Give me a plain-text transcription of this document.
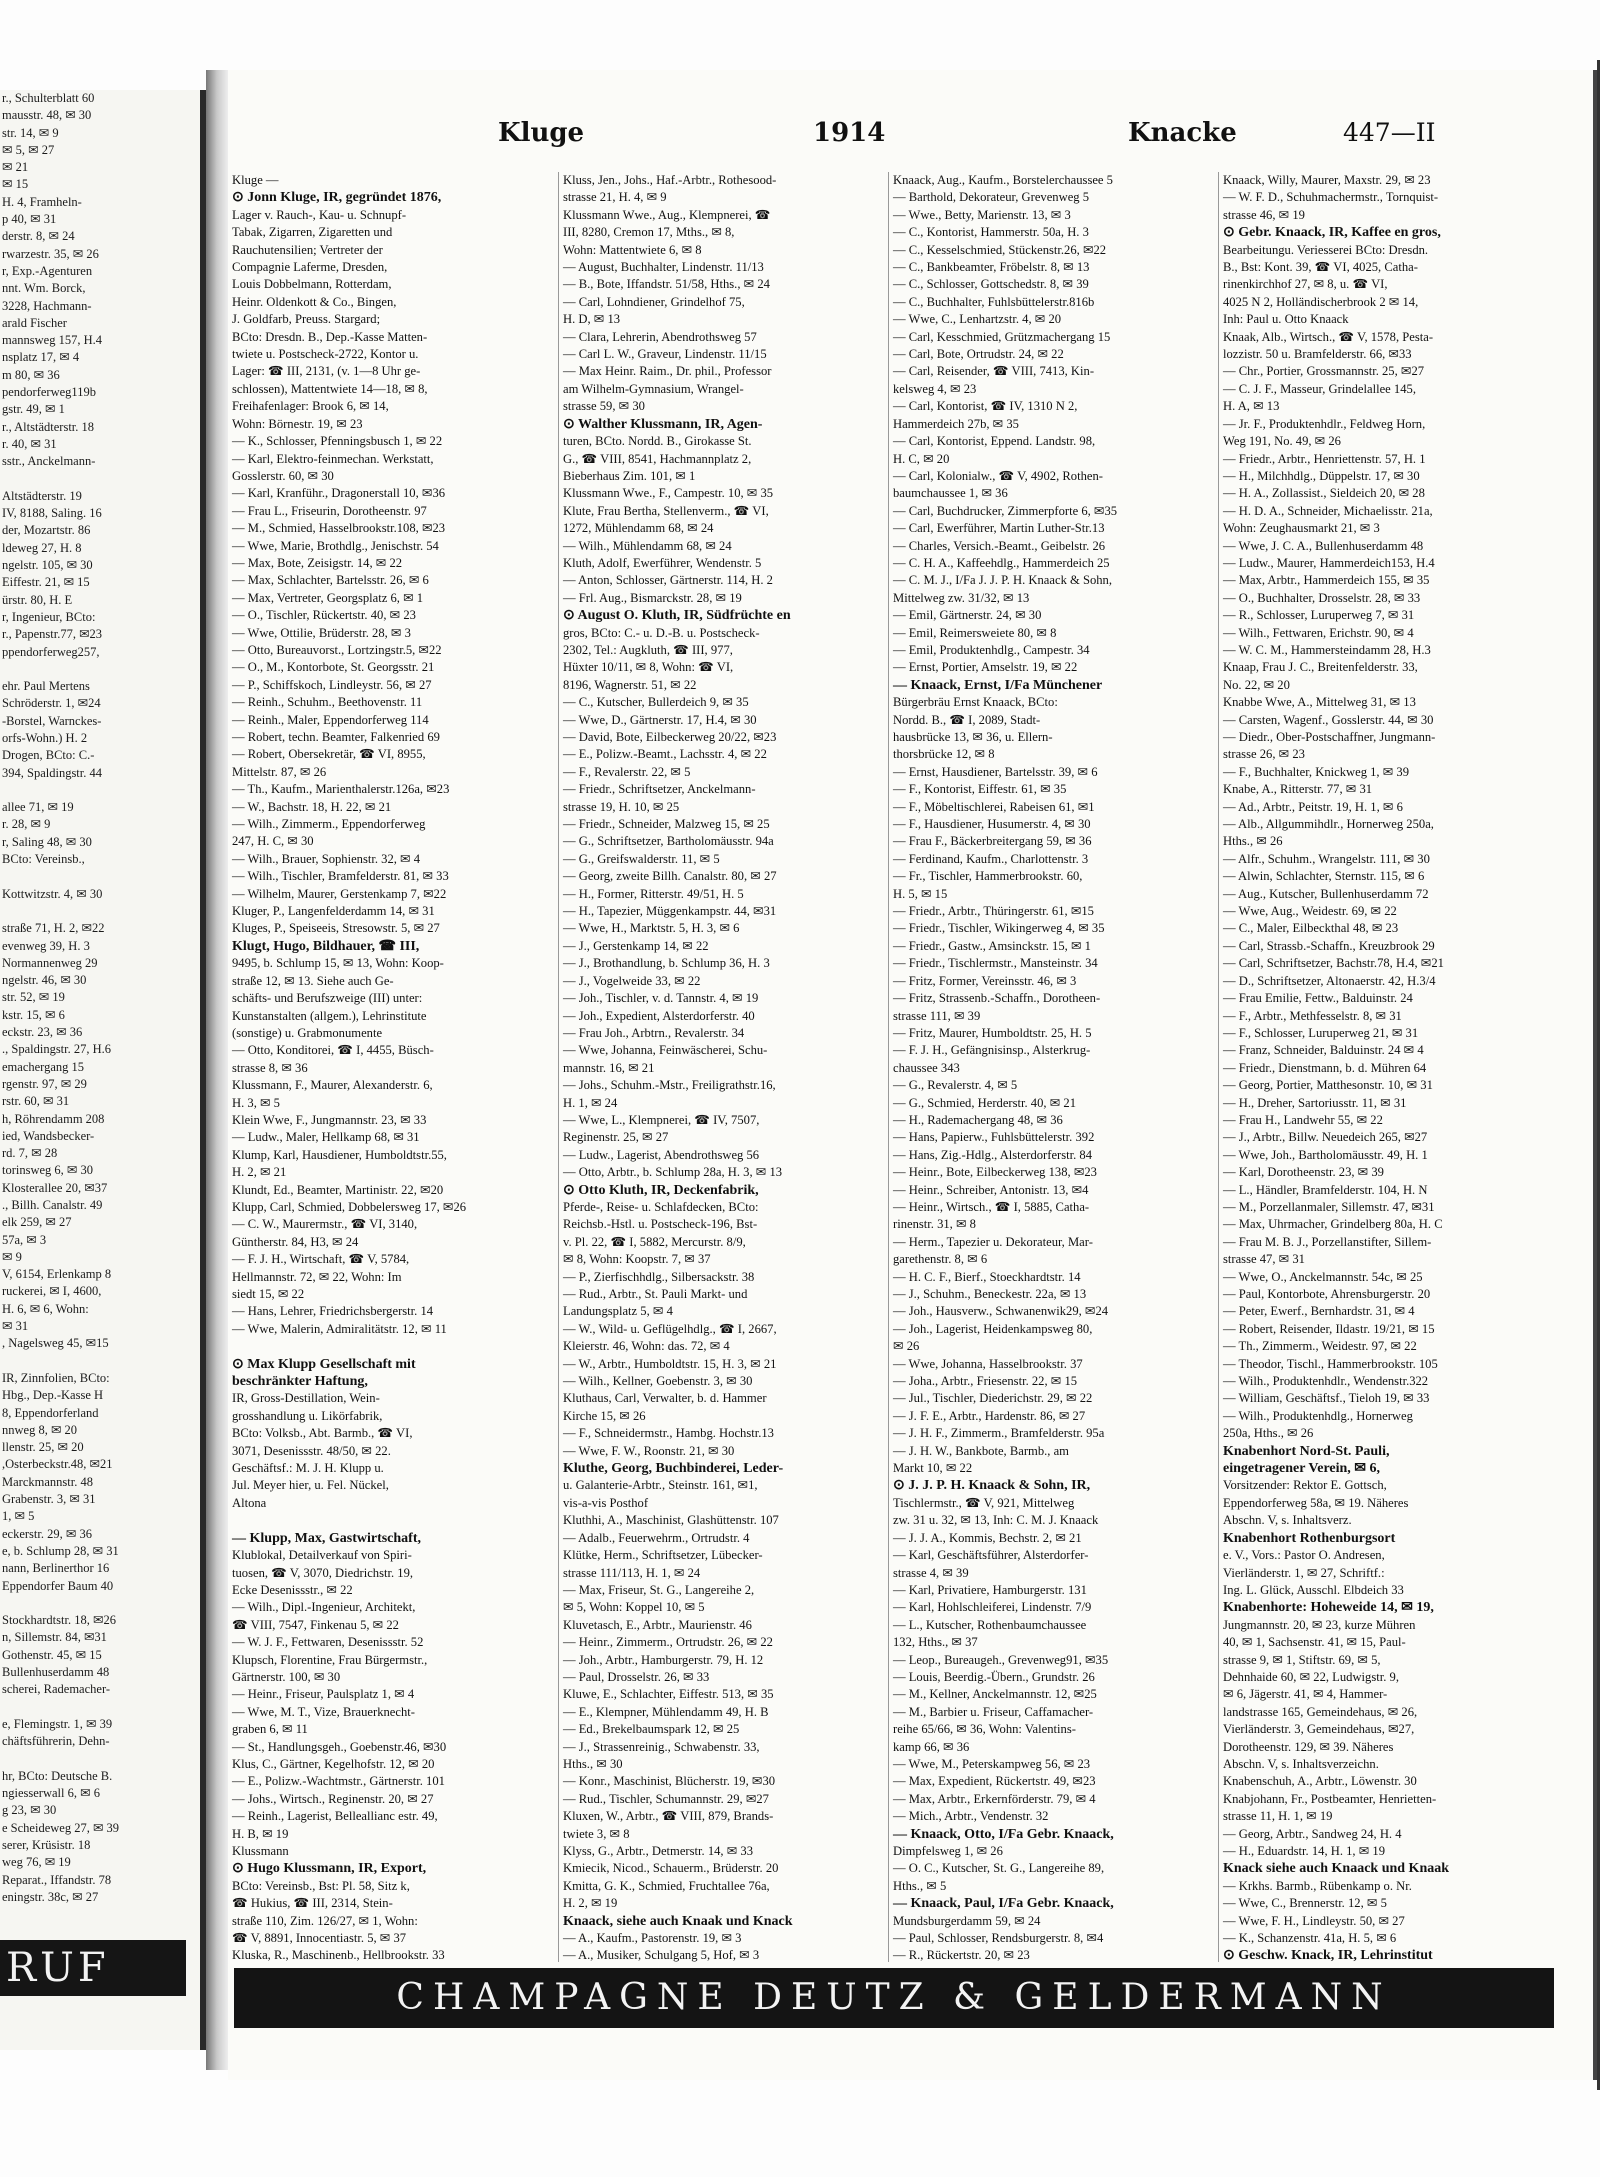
r., Schulterblatt 60
mausstr. 48, ✉ 30
str. 14, ✉ 9
✉ 5, ✉ 27
✉ 21
✉ 15
H. 4, Framheln-
p 40, ✉ 31
derstr. 8, ✉ 24
rwarzestr. 35, ✉ 26
r, Exp.-Agenturen
nnt. Wm. Borck,
3228, Hachmann-
arald Fischer
mannsweg 157, H.4
nsplatz 17, ✉ 4
m 80, ✉ 36
pendorferweg119b
gstr. 49, ✉ 1
r., Altstädterstr. 18
r. 40, ✉ 31
sstr., Anckelmann-

Altstädterstr. 19
IV, 8188, Saling. 16
der, Mozartstr. 86
ldeweg 27, H. 8
ngelstr. 105, ✉ 30
Eiffestr. 21, ✉ 15
ürstr. 80, H. E
r, Ingenieur, BCto:
r., Papenstr.77, ✉23
ppendorferweg257,

ehr. Paul Mertens
Schröderstr. 1, ✉24
-Borstel, Warnckes-
orfs-Wohn.) H. 2
Drogen, BCto: C.-
394, Spaldingstr. 44

allee 71, ✉ 19
r. 28, ✉ 9
r, Saling 48, ✉ 30
BCto: Vereinsb.,

Kottwitzstr. 4, ✉ 30

straße 71, H. 2, ✉22
evenweg 39, H. 3
Normannenweg 29
ngelstr. 46, ✉ 30
str. 52, ✉ 19
kstr. 15, ✉ 6
eckstr. 23, ✉ 36
., Spaldingstr. 27, H.6
emachergang 15
rgenstr. 97, ✉ 29
rstr. 60, ✉ 31
h, Röhrendamm 208
ied, Wandsbecker-
rd. 7, ✉ 28
torinsweg 6, ✉ 30
Klosterallee 20, ✉37
., Billh. Canalstr. 49
elk 259, ✉ 27
57a, ✉ 3
✉ 9
V, 6154, Erlenkamp 8
ruckerei, ✉ I, 4600,
H. 6, ✉ 6, Wohn:
✉ 31
, Nagelsweg 45, ✉15

IR, Zinnfolien, BCto:
Hbg., Dep.-Kasse H
8, Eppendorferland
nnweg 8, ✉ 20
llenstr. 25, ✉ 20
,Osterbeckstr.48, ✉21
Marckmannstr. 48
Grabenstr. 3, ✉ 31
1, ✉ 5
eckerstr. 29, ✉ 36
e, b. Schlump 28, ✉ 31
nann, Berlinerthor 16
Eppendorfer Baum 40

Stockhardtstr. 18, ✉26
n, Sillemstr. 84, ✉31
Gothenstr. 45, ✉ 15
Bullenhuserdamm 48
scherei, Rademacher-

e, Flemingstr. 1, ✉ 39
chäftsführerin, Dehn-

hr, BCto: Deutsche B.
ngiesserwall 6, ✉ 6
g 23, ✉ 30
e Scheideweg 27, ✉ 39
serer, Krüsistr. 18
weg 76, ✉ 19
Reparat., Iffandstr. 78
eningstr. 38c, ✉ 27
RUF
Kluge	1914	Knacke	447—II
Kluge —
⊙ Jonn Kluge, IR, gegründet 1876,
Lager v. Rauch-, Kau- u. Schnupf-
Tabak, Zigarren, Zigaretten und
Rauchutensilien; Vertreter der
Compagnie Laferme, Dresden,
Louis Dobbelmann, Rotterdam,
Heinr. Oldenkott & Co., Bingen,
J. Goldfarb, Preuss. Stargard;
BCto: Dresdn. B., Dep.-Kasse Matten-
twiete u. Postscheck-2722, Kontor u.
Lager: ☎ III, 2131, (v. 1—8 Uhr ge-
schlossen), Mattentwiete 14—18, ✉ 8,
Freihafenlager: Brook 6, ✉ 14,
Wohn: Börnestr. 19, ✉ 23
— K., Schlosser, Pfenningsbusch 1, ✉ 22
— Karl, Elektro-feinmechan. Werkstatt,
Gosslerstr. 60, ✉ 30
— Karl, Kranführ., Dragonerstall 10, ✉36
— Frau L., Friseurin, Dorotheenstr. 97
— M., Schmied, Hasselbrookstr.108, ✉23
— Wwe, Marie, Brothdlg., Jenischstr. 54
— Max, Bote, Zeisigstr. 14, ✉ 22
— Max, Schlachter, Bartelsstr. 26, ✉ 6
— Max, Vertreter, Georgsplatz 6, ✉ 1
— O., Tischler, Rückertstr. 40, ✉ 23
— Wwe, Ottilie, Brüderstr. 28, ✉ 3
— Otto, Bureauvorst., Lortzingstr.5, ✉22
— O., M., Kontorbote, St. Georgsstr. 21
— P., Schiffskoch, Lindleystr. 56, ✉ 27
— Reinh., Schuhm., Beethovenstr. 11
— Reinh., Maler, Eppendorferweg 114
— Robert, techn. Beamter, Falkenried 69
— Robert, Obersekretär, ☎ VI, 8955,
Mittelstr. 87, ✉ 26
— Th., Kaufm., Marienthalerstr.126a, ✉23
— W., Bachstr. 18, H. 22, ✉ 21
— Wilh., Zimmerm., Eppendorferweg
247, H. C, ✉ 30
— Wilh., Brauer, Sophienstr. 32, ✉ 4
— Wilh., Tischler, Bramfelderstr. 81, ✉ 33
— Wilhelm, Maurer, Gerstenkamp 7, ✉22
Kluger, P., Langenfelderdamm 14, ✉ 31
Kluges, P., Speiseeis, Stresowstr. 5, ✉ 27
Klugt, Hugo, Bildhauer, ☎ III,
9495, b. Schlump 15, ✉ 13, Wohn: Koop-
straße 12, ✉ 13. Siehe auch Ge-
schäfts- und Berufszweige (III) unter:
Kunstanstalten (allgem.), Lehrinstitute
(sonstige) u. Grabmonumente
— Otto, Konditorei, ☎ I, 4455, Büsch-
strasse 8, ✉ 36
Klussmann, F., Maurer, Alexanderstr. 6,
H. 3, ✉ 5
Klein Wwe, F., Jungmannstr. 23, ✉ 33
— Ludw., Maler, Hellkamp 68, ✉ 31
Klump, Karl, Hausdiener, Humboldtstr.55,
H. 2, ✉ 21
Klundt, Ed., Beamter, Martinistr. 22, ✉20
Klupp, Carl, Schmied, Dobbelersweg 17, ✉26
— C. W., Maurermstr., ☎ VI, 3140,
Güntherstr. 84, H3, ✉ 24
— F. J. H., Wirtschaft, ☎ V, 5784,
Hellmannstr. 72, ✉ 22, Wohn: Im
siedt 15, ✉ 22
— Hans, Lehrer, Friedrichsbergerstr. 14
— Wwe, Malerin, Admiralitätstr. 12, ✉ 11

⊙ Max Klupp Gesellschaft mit
beschränkter Haftung,
IR, Gross-Destillation, Wein-
grosshandlung u. Likörfabrik,
BCto: Volksb., Abt. Barmb., ☎ VI,
3071, Desenissstr. 48/50, ✉ 22.
Geschäftsf.: M. J. H. Klupp u.
Jul. Meyer hier, u. Fel. Nückel,
Altona

— Klupp, Max, Gastwirtschaft,
Klublokal, Detailverkauf von Spiri-
tuosen, ☎ V, 3070, Diedrichstr. 19,
Ecke Desenissstr., ✉ 22
— Wilh., Dipl.-Ingenieur, Architekt,
☎ VIII, 7547, Finkenau 5, ✉ 22
— W. J. F., Fettwaren, Desenissstr. 52
Klupsch, Florentine, Frau Bürgermstr.,
Gärtnerstr. 100, ✉ 30
— Heinr., Friseur, Paulsplatz 1, ✉ 4
— Wwe, M. T., Vize, Brauerknecht-
graben 6, ✉ 11
— St., Handlungsgeh., Goebenstr.46, ✉30
Klus, C., Gärtner, Kegelhofstr. 12, ✉ 20
— E., Polizw.-Wachtmstr., Gärtnerstr. 101
— Johs., Wirtsch., Reginenstr. 20, ✉ 27
— Reinh., Lagerist, Belleallianc estr. 49,
H. B, ✉ 19
Klussmann
⊙ Hugo Klussmann, IR, Export,
BCto: Vereinsb., Bst: Pl. 58, Sitz k,
☎ Hukius, ☎ III, 2314, Stein-
straße 110, Zim. 126/27, ✉ 1, Wohn:
☎ V, 8891, Innocentiastr. 5, ✉ 37
Kluska, R., Maschinenb., Hellbrookstr. 33
Kluss, Jen., Johs., Haf.-Arbtr., Rothesood-
strasse 21, H. 4, ✉ 9
Klussmann Wwe., Aug., Klempnerei, ☎
III, 8280, Cremon 17, Mths., ✉ 8,
Wohn: Mattentwiete 6, ✉ 8
— August, Buchhalter, Lindenstr. 11/13
— B., Bote, Iffandstr. 51/58, Hths., ✉ 24
— Carl, Lohndiener, Grindelhof 75,
H. D, ✉ 13
— Clara, Lehrerin, Abendrothsweg 57
— Carl L. W., Graveur, Lindenstr. 11/15
— Max Heinr. Raim., Dr. phil., Professor
am Wilhelm-Gymnasium, Wrangel-
strasse 59, ✉ 30
⊙ Walther Klussmann, IR, Agen-
turen, BCto. Nordd. B., Girokasse St.
G., ☎ VIII, 8541, Hachmannplatz 2,
Bieberhaus Zim. 101, ✉ 1
Klussmann Wwe., F., Campestr. 10, ✉ 35
Klute, Frau Bertha, Stellenverm., ☎ VI,
1272, Mühlendamm 68, ✉ 24
— Wilh., Mühlendamm 68, ✉ 24
Kluth, Adolf, Ewerführer, Wendenstr. 5
— Anton, Schlosser, Gärtnerstr. 114, H. 2
— Frl. Aug., Bismarckstr. 28, ✉ 19
⊙ August O. Kluth, IR, Südfrüchte en
gros, BCto: C.- u. D.-B. u. Postscheck-
2302, Tel.: Augkluth, ☎ III, 977,
Hüxter 10/11, ✉ 8, Wohn: ☎ VI,
8196, Wagnerstr. 51, ✉ 22
— C., Kutscher, Bullerdeich 9, ✉ 35
— Wwe, D., Gärtnerstr. 17, H.4, ✉ 30
— David, Bote, Eilbeckerweg 20/22, ✉23
— E., Polizw.-Beamt., Lachsstr. 4, ✉ 22
— F., Revalerstr. 22, ✉ 5
— Friedr., Schriftsetzer, Anckelmann-
strasse 19, H. 10, ✉ 25
— Friedr., Schneider, Malzweg 15, ✉ 25
— G., Schriftsetzer, Bartholomäusstr. 94a
— G., Greifswalderstr. 11, ✉ 5
— Georg, zweite Billh. Canalstr. 80, ✉ 27
— H., Former, Ritterstr. 49/51, H. 5
— H., Tapezier, Müggenkampstr. 44, ✉31
— Wwe, H., Marktstr. 5, H. 3, ✉ 6
— J., Gerstenkamp 14, ✉ 22
— J., Brothandlung, b. Schlump 36, H. 3
— J., Vogelweide 33, ✉ 22
— Joh., Tischler, v. d. Tannstr. 4, ✉ 19
— Joh., Expedient, Alsterdorferstr. 40
— Frau Joh., Arbtrn., Revalerstr. 34
— Wwe, Johanna, Feinwäscherei, Schu-
mannstr. 16, ✉ 21
— Johs., Schuhm.-Mstr., Freiligrathstr.16,
H. 1, ✉ 24
— Wwe, L., Klempnerei, ☎ IV, 7507,
Reginenstr. 25, ✉ 27
— Ludw., Lagerist, Abendrothsweg 56
— Otto, Arbtr., b. Schlump 28a, H. 3, ✉ 13
⊙ Otto Kluth, IR, Deckenfabrik,
Pferde-, Reise- u. Schlafdecken, BCto:
Reichsb.-Hstl. u. Postscheck-196, Bst-
v. Pl. 22, ☎ I, 5882, Mercurstr. 8/9,
✉ 8, Wohn: Koopstr. 7, ✉ 37
— P., Zierfischhdlg., Silbersackstr. 38
— Rud., Arbtr., St. Pauli Markt- und
Landungsplatz 5, ✉ 4
— W., Wild- u. Geflügelhdlg., ☎ I, 2667,
Kleierstr. 46, Wohn: das. 72, ✉ 4
— W., Arbtr., Humboldtstr. 15, H. 3, ✉ 21
— Wilh., Kellner, Goebenstr. 3, ✉ 30
Kluthaus, Carl, Verwalter, b. d. Hammer
Kirche 15, ✉ 26
— F., Schneidermstr., Hambg. Hochstr.13
— Wwe, F. W., Roonstr. 21, ✉ 30
Kluthe, Georg, Buchbinderei, Leder-
u. Galanterie-Arbtr., Steinstr. 161, ✉1,
vis-a-vis Posthof
Kluthhi, A., Maschinist, Glashüttenstr. 107
— Adalb., Feuerwehrm., Ortrudstr. 4
Klütke, Herm., Schriftsetzer, Lübecker-
strasse 111/113, H. 1, ✉ 24
— Max, Friseur, St. G., Langereihe 2,
✉ 5, Wohn: Koppel 10, ✉ 5
Kluvetasch, E., Arbtr., Maurienstr. 46
— Heinr., Zimmerm., Ortrudstr. 26, ✉ 22
— Joh., Arbtr., Hamburgerstr. 79, H. 12
— Paul, Drosselstr. 26, ✉ 33
Kluwe, E., Schlachter, Eiffestr. 513, ✉ 35
— E., Klempner, Mühlendamm 49, H. B
— Ed., Brekelbaumspark 12, ✉ 25
— J., Strassenreinig., Schwabenstr. 33,
Hths., ✉ 30
— Konr., Maschinist, Blücherstr. 19, ✉30
— Rud., Tischler, Schumannstr. 29, ✉27
Kluxen, W., Arbtr., ☎ VIII, 879, Brands-
twiete 3, ✉ 8
Klyss, G., Arbtr., Detmerstr. 14, ✉ 33
Kmiecik, Nicod., Schauerm., Brüderstr. 20
Kmitta, G. K., Schmied, Fruchtallee 76a,
H. 2, ✉ 19
Knaack, siehe auch Knaak und Knack
— A., Kaufm., Pastorenstr. 19, ✉ 3
— A., Musiker, Schulgang 5, Hof, ✉ 3
Knaack, Aug., Kaufm., Borstelerchaussee 5
— Barthold, Dekorateur, Grevenweg 5
— Wwe., Betty, Marienstr. 13, ✉ 3
— C., Kontorist, Hammerstr. 50a, H. 3
— C., Kesselschmied, Stückenstr.26, ✉22
— C., Bankbeamter, Fröbelstr. 8, ✉ 13
— C., Schlosser, Gottschedstr. 8, ✉ 39
— C., Buchhalter, Fuhlsbüttelerstr.816b
— Wwe, C., Lenhartzstr. 4, ✉ 20
— Carl, Kesschmied, Grützmachergang 15
— Carl, Bote, Ortrudstr. 24, ✉ 22
— Carl, Reisender, ☎ VIII, 7413, Kin-
kelsweg 4, ✉ 23
— Carl, Kontorist, ☎ IV, 1310 N 2,
Hammerdeich 27b, ✉ 35
— Carl, Kontorist, Eppend. Landstr. 98,
H. C, ✉ 20
— Carl, Kolonialw., ☎ V, 4902, Rothen-
baumchaussee 1, ✉ 36
— Carl, Buchdrucker, Zimmerpforte 6, ✉35
— Carl, Ewerführer, Martin Luther-Str.13
— Charles, Versich.-Beamt., Geibelstr. 26
— C. H. A., Kaffeehdlg., Hammerdeich 25
— C. M. J., I/Fa J. J. P. H. Knaack & Sohn,
Mittelweg zw. 31/32, ✉ 13
— Emil, Gärtnerstr. 24, ✉ 30
— Emil, Reimersweiete 80, ✉ 8
— Emil, Produktenhdlg., Campestr. 34
— Ernst, Portier, Amselstr. 19, ✉ 22
— Knaack, Ernst, I/Fa Münchener
Bürgerbräu Ernst Knaack, BCto:
Nordd. B., ☎ I, 2089, Stadt-
hausbrücke 13, ✉ 36, u. Ellern-
thorsbrücke 12, ✉ 8
— Ernst, Hausdiener, Bartelsstr. 39, ✉ 6
— F., Kontorist, Eiffestr. 61, ✉ 35
— F., Möbeltischlerei, Rabeisen 61, ✉1
— F., Hausdiener, Husumerstr. 4, ✉ 30
— Frau F., Bäckerbreitergang 59, ✉ 36
— Ferdinand, Kaufm., Charlottenstr. 3
— Fr., Tischler, Hammerbrookstr. 60,
H. 5, ✉ 15
— Friedr., Arbtr., Thüringerstr. 61, ✉15
— Friedr., Tischler, Wikingerweg 4, ✉ 35
— Friedr., Gastw., Amsinckstr. 15, ✉ 1
— Friedr., Tischlermstr., Mansteinstr. 34
— Fritz, Former, Vereinsstr. 46, ✉ 3
— Fritz, Strassenb.-Schaffn., Dorotheen-
strasse 111, ✉ 39
— Fritz, Maurer, Humboldtstr. 25, H. 5
— F. J. H., Gefängnisinsp., Alsterkrug-
chaussee 343
— G., Revalerstr. 4, ✉ 5
— G., Schmied, Herderstr. 40, ✉ 21
— H., Rademachergang 48, ✉ 36
— Hans, Papierw., Fuhlsbüttelerstr. 392
— Hans, Zig.-Hdlg., Alsterdorferstr. 84
— Heinr., Bote, Eilbeckerweg 138, ✉23
— Heinr., Schreiber, Antonistr. 13, ✉4
— Heinr., Wirtsch., ☎ I, 5885, Catha-
rinenstr. 31, ✉ 8
— Herm., Tapezier u. Dekorateur, Mar-
garethenstr. 8, ✉ 6
— H. C. F., Bierf., Stoeckhardtstr. 14
— J., Schuhm., Beneckestr. 22a, ✉ 13
— Joh., Hausverw., Schwanenwik29, ✉24
— Joh., Lagerist, Heidenkampsweg 80,
✉ 26
— Wwe, Johanna, Hasselbrookstr. 37
— Joha., Arbtr., Friesenstr. 22, ✉ 15
— Jul., Tischler, Diederichstr. 29, ✉ 22
— J. F. E., Arbtr., Hardenstr. 86, ✉ 27
— J. H. F., Zimmerm., Bramfelderstr. 95a
— J. H. W., Bankbote, Barmb., am
Markt 10, ✉ 22
⊙ J. J. P. H. Knaack & Sohn, IR,
Tischlermstr., ☎ V, 921, Mittelweg
zw. 31 u. 32, ✉ 13, Inh: C. M. J. Knaack
— J. J. A., Kommis, Bechstr. 2, ✉ 21
— Karl, Geschäftsführer, Alsterdorfer-
strasse 4, ✉ 39
— Karl, Privatiere, Hamburgerstr. 131
— Karl, Hohlschleiferei, Lindenstr. 7/9
— L., Kutscher, Rothenbaumchaussee
132, Hths., ✉ 37
— Leop., Bureaugeh., Grevenweg91, ✉35
— Louis, Beerdig.-Übern., Grundstr. 26
— M., Kellner, Anckelmannstr. 12, ✉25
— M., Barbier u. Friseur, Caffamacher-
reihe 65/66, ✉ 36, Wohn: Valentins-
kamp 66, ✉ 36
— Wwe, M., Peterskampweg 56, ✉ 23
— Max, Expedient, Rückertstr. 49, ✉23
— Max, Arbtr., Erkernförderstr. 79, ✉ 4
— Mich., Arbtr., Vendenstr. 32
— Knaack, Otto, I/Fa Gebr. Knaack,
Dimpfelsweg 1, ✉ 26
— O. C., Kutscher, St. G., Langereihe 89,
Hths., ✉ 5
— Knaack, Paul, I/Fa Gebr. Knaack,
Mundsburgerdamm 59, ✉ 24
— Paul, Schlosser, Rendsburgerstr. 8, ✉4
— R., Rückertstr. 20, ✉ 23
Knaack, Willy, Maurer, Maxstr. 29, ✉ 23
— W. F. D., Schuhmachermstr., Tornquist-
strasse 46, ✉ 19
⊙ Gebr. Knaack, IR, Kaffee en gros,
Bearbeitungu. Veriesserei BCto: Dresdn.
B., Bst: Kont. 39, ☎ VI, 4025, Catha-
rinenkirchhof 27, ✉ 8, u. ☎ VI,
4025 N 2, Holländischerbrook 2 ✉ 14,
Inh: Paul u. Otto Knaack
Knaak, Alb., Wirtsch., ☎ V, 1578, Pesta-
lozzistr. 50 u. Bramfelderstr. 66, ✉33
— Chr., Portier, Grossmannstr. 25, ✉27
— C. J. F., Masseur, Grindelallee 145,
H. A, ✉ 13
— Jr. F., Produktenhdlr., Feldweg Horn,
Weg 191, No. 49, ✉ 26
— Friedr., Arbtr., Henriettenstr. 57, H. 1
— H., Milchhdlg., Düppelstr. 17, ✉ 30
— H. A., Zollassist., Sieldeich 20, ✉ 28
— H. D. A., Schneider, Michaelisstr. 21a,
Wohn: Zeughausmarkt 21, ✉ 3
— Wwe, J. C. A., Bullenhuserdamm 48
— Ludw., Maurer, Hammerdeich153, H.4
— Max, Arbtr., Hammerdeich 155, ✉ 35
— O., Buchhalter, Drosselstr. 28, ✉ 33
— R., Schlosser, Luruperweg 7, ✉ 31
— Wilh., Fettwaren, Erichstr. 90, ✉ 4
— W. C. M., Hammersteindamm 28, H.3
Knaap, Frau J. C., Breitenfelderstr. 33,
No. 22, ✉ 20
Knabbe Wwe, A., Mittelweg 31, ✉ 13
— Carsten, Wagenf., Gosslerstr. 44, ✉ 30
— Diedr., Ober-Postschaffner, Jungmann-
strasse 26, ✉ 23
— F., Buchhalter, Knickweg 1, ✉ 39
Knabe, A., Ritterstr. 77, ✉ 31
— Ad., Arbtr., Peitstr. 19, H. 1, ✉ 6
— Alb., Allgummihdlr., Hornerweg 250a,
Hths., ✉ 26
— Alfr., Schuhm., Wrangelstr. 111, ✉ 30
— Alwin, Schlachter, Sternstr. 115, ✉ 6
— Aug., Kutscher, Bullenhuserdamm 72
— Wwe, Aug., Weidestr. 69, ✉ 22
— C., Maler, Eilbeckthal 48, ✉ 23
— Carl, Strassb.-Schaffn., Kreuzbrook 29
— Carl, Schriftsetzer, Bachstr.78, H.4, ✉21
— D., Schriftsetzer, Altonaerstr. 42, H.3/4
— Frau Emilie, Fettw., Balduinstr. 24
— F., Arbtr., Methfesselstr. 8, ✉ 31
— F., Schlosser, Luruperweg 21, ✉ 31
— Franz, Schneider, Balduinstr. 24 ✉ 4
— Friedr., Dienstmann, b. d. Mühren 64
— Georg, Portier, Matthesonstr. 10, ✉ 31
— H., Dreher, Sartoriusstr. 11, ✉ 31
— Frau H., Landwehr 55, ✉ 22
— J., Arbtr., Billw. Neuedeich 265, ✉27
— Wwe, Joh., Bartholomäusstr. 49, H. 1
— Karl, Dorotheenstr. 23, ✉ 39
— L., Händler, Bramfelderstr. 104, H. N
— M., Porzellanmaler, Sillemstr. 47, ✉31
— Max, Uhrmacher, Grindelberg 80a, H. C
— Frau M. B. J., Porzellanstifter, Sillem-
strasse 47, ✉ 31
— Wwe, O., Anckelmannstr. 54c, ✉ 25
— Paul, Kontorbote, Ahrensburgerstr. 20
— Peter, Ewerf., Bernhardstr. 31, ✉ 4
— Robert, Reisender, Ildastr. 19/21, ✉ 15
— Th., Zimmerm., Weidestr. 97, ✉ 22
— Theodor, Tischl., Hammerbrookstr. 105
— Wilh., Produktenhdlr., Wendenstr.322
— William, Geschäftsf., Tieloh 19, ✉ 33
— Wilh., Produktenhdlg., Hornerweg
250a, Hths., ✉ 26
Knabenhort Nord-St. Pauli,
eingetragener Verein, ✉ 6,
Vorsitzender: Rektor E. Gottsch,
Eppendorferweg 58a, ✉ 19. Näheres
Abschn. V, s. Inhaltsverz.
Knabenhort Rothenburgsort
e. V., Vors.: Pastor O. Andresen,
Vierländerstr. 1, ✉ 27, Schriftf.:
Ing. L. Glück, Ausschl. Elbdeich 33
Knabenhorte: Hoheweide 14, ✉ 19,
Jungmannstr. 20, ✉ 23, kurze Mühren
40, ✉ 1, Sachsenstr. 41, ✉ 15, Paul-
strasse 9, ✉ 1, Stiftstr. 69, ✉ 5,
Dehnhaide 60, ✉ 22, Ludwigstr. 9,
✉ 6, Jägerstr. 41, ✉ 4, Hammer-
landstrasse 165, Gemeindehaus, ✉ 26,
Vierländerstr. 3, Gemeindehaus, ✉27,
Dorotheenstr. 129, ✉ 39. Näheres
Abschn. V, s. Inhaltsverzeichn.
Knabenschuh, A., Arbtr., Löwenstr. 30
Knabjohann, Fr., Postbeamter, Henrietten-
strasse 11, H. 1, ✉ 19
— Georg, Arbtr., Sandweg 24, H. 4
— H., Eduardstr. 14, H. 1, ✉ 19
Knack siehe auch Knaack und Knaak
— Krkhs. Barmb., Rübenkamp o. Nr.
— Wwe, C., Brennerstr. 12, ✉ 5
— Wwe, F. H., Lindleystr. 50, ✉ 27
— K., Schanzenstr. 41a, H. 5, ✉ 6
⊙ Geschw. Knack, IR, Lehrinstitut
CHAMPAGNE DEUTZ & GELDERMANN
